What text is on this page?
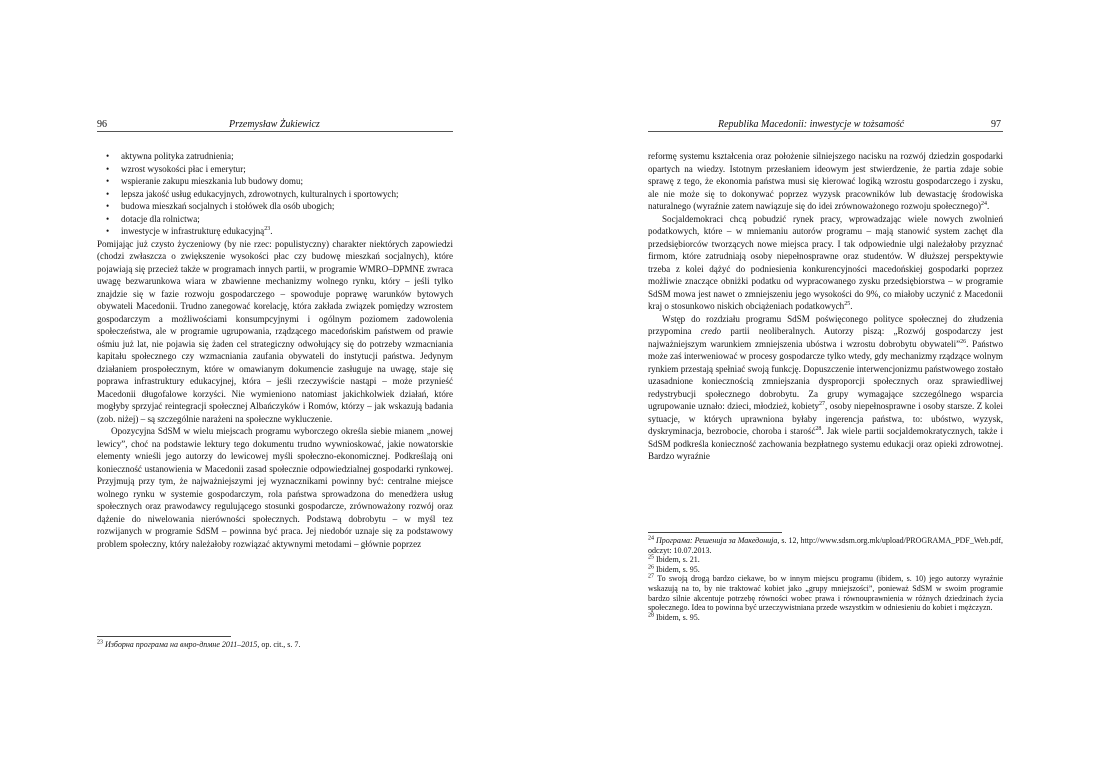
96	Przemysław Żukiewicz
• aktywna polityka zatrudnienia;
• wzrost wysokości płac i emerytur;
• wspieranie zakupu mieszkania lub budowy domu;
• lepsza jakość usług edukacyjnych, zdrowotnych, kulturalnych i sportowych;
• budowa mieszkań socjalnych i stołówek dla osób ubogich;
• dotacje dla rolnictwa;
• inwestycje w infrastrukturę edukacyjną$^{23}$.

Pomijając już czysto życzeniowy (by nie rzec: populistyczny) charakter niektórych zapowiedzi (chodzi zwłaszcza o zwiększenie wysokości płac czy budowę mieszkań socjalnych), które pojawiają się przecież także w programach innych partii, w programie WMRO–DPMNE zwraca uwagę bezwarunkowa wiara w zbawienne mechanizmy wolnego rynku, który – jeśli tylko znajdzie się w fazie rozwoju gospodarczego – spowoduje poprawę warunków bytowych obywateli Macedonii. Trudno zanegować korelację, która zakłada związek pomiędzy wzrostem gospodarczym a możliwościami konsumpcyjnymi i ogólnym poziomem zadowolenia społeczeństwa, ale w programie ugrupowania, rządzącego macedońskim państwem od prawie ośmiu już lat, nie pojawia się żaden cel strategiczny odwołujący się do potrzeby wzmacniania kapitału społecznego czy wzmacniania zaufania obywateli do instytucji państwa. Jedynym działaniem prospołecznym, które w omawianym dokumencie zasługuje na uwagę, staje się poprawa infrastruktury edukacyjnej, która – jeśli rzeczywiście nastąpi – może przynieść Macedonii długofalowe korzyści. Nie wymieniono natomiast jakichkolwiek działań, które mogłyby sprzyjać reintegracji społecznej Albańczyków i Romów, którzy – jak wskazują badania (zob. niżej) – są szczególnie narażeni na społeczne wykluczenie.

Opozycyjna SdSM w wielu miejscach programu wyborczego określa siebie mianem „nowej lewicy”, choć na podstawie lektury tego dokumentu trudno wywnioskować, jakie nowatorskie elementy wnieśli jego autorzy do lewicowej myśli społeczno-ekonomicznej. Podkreślają oni konieczność ustanowienia w Macedonii zasad społecznie odpowiedzialnej gospodarki rynkowej. Przyjmują przy tym, że najważniejszymi jej wyznacznikami powinny być: centralne miejsce wolnego rynku w systemie gospodarczym, rola państwa sprowadzona do menedżera usług społecznych oraz prawodawcy regulującego stosunki gospodarcze, zrównoważony rozwój oraz dążenie do niwelowania nierówności społecznych. Podstawą dobrobytu – w myśl tez rozwijanych w programie SdSM – powinna być praca. Jej niedobór uznaje się za podstawowy problem społeczny, który należałoby rozwiązać aktywnymi metodami – głównie poprzez

$^{23}$ Изборна програма на вмро-дпмне 2011–2015, op. cit., s. 7.

Republika Macedonii: inwestycje w tożsamość	97

reformę systemu kształcenia oraz położenie silniejszego nacisku na rozwój dziedzin gospodarki opartych na wiedzy. Istotnym przesłaniem ideowym jest stwierdzenie, że partia zdaje sobie sprawę z tego, że ekonomia państwa musi się kierować logiką wzrostu gospodarczego i zysku, ale nie może się to dokonywać poprzez wyzysk pracowników lub dewastację środowiska naturalnego (wyraźnie zatem nawiązuje się do idei zrównoważonego rozwoju społecznego)$^{24}$.

Socjaldemokraci chcą pobudzić rynek pracy, wprowadzając wiele nowych zwolnień podatkowych, które – w mniemaniu autorów programu – mają stanowić system zachęt dla przedsiębiorców tworzących nowe miejsca pracy. I tak odpowiednie ulgi należałoby przyznać firmom, które zatrudniają osoby niepełnosprawne oraz studentów. W dłuższej perspektywie trzeba z kolei dążyć do podniesienia konkurencyjności macedońskiej gospodarki poprzez możliwie znaczące obniżki podatku od wypracowanego zysku przedsiębiorstwa – w programie SdSM mowa jest nawet o zmniejszeniu jego wysokości do 9%, co miałoby uczynić z Macedonii kraj o stosunkowo niskich obciążeniach podatkowych$^{25}$.

Wstęp do rozdziału programu SdSM poświęconego polityce społecznej do złudzenia przypomina credo partii neoliberalnych. Autorzy piszą: „Rozwój gospodarczy jest najważniejszym warunkiem zmniejszenia ubóstwa i wzrostu dobrobytu obywateli”$^{26}$. Państwo może zaś interweniować w procesy gospodarcze tylko wtedy, gdy mechanizmy rządzące wolnym rynkiem przestają spełniać swoją funkcję. Dopuszczenie interwencjonizmu państwowego zostało uzasadnione koniecznością zmniejszania dysproporcji społecznych oraz sprawiedliwej redystrybucji społecznego dobrobytu. Za grupy wymagające szczególnego wsparcia ugrupowanie uznało: dzieci, młodzież, kobiety$^{27}$, osoby niepełnosprawne i osoby starsze. Z kolei sytuacje, w których uprawniona byłaby ingerencja państwa, to: ubóstwo, wyzysk, dyskryminacja, bezrobocie, choroba i starość$^{28}$. Jak wiele partii socjaldemokratycznych, także i SdSM podkreśla konieczność zachowania bezpłatnego systemu edukacji oraz opieki zdrowotnej. Bardzo wyraźnie

$^{24}$ Програма: Решенија за Македонија, s. 12, http://www.sdsm.org.mk/upload/PROGRAMA_PDF_Web.pdf, odczyt: 10.07.2013.

$^{25}$ Ibidem, s. 21.

$^{26}$ Ibidem, s. 95.

$^{27}$ To swoją drogą bardzo ciekawe, bo w innym miejscu programu (ibidem, s. 10) jego autorzy wyraźnie wskazują na to, by nie traktować kobiet jako „grupy mniejszości”, ponieważ SdSM w swoim programie bardzo silnie akcentuje potrzebę równości wobec prawa i równouprawnienia w różnych dziedzinach życia społecznego. Idea to powinna być urzeczywistniana przede wszystkim w odniesieniu do kobiet i mężczyzn.

$^{28}$ Ibidem, s. 95.
